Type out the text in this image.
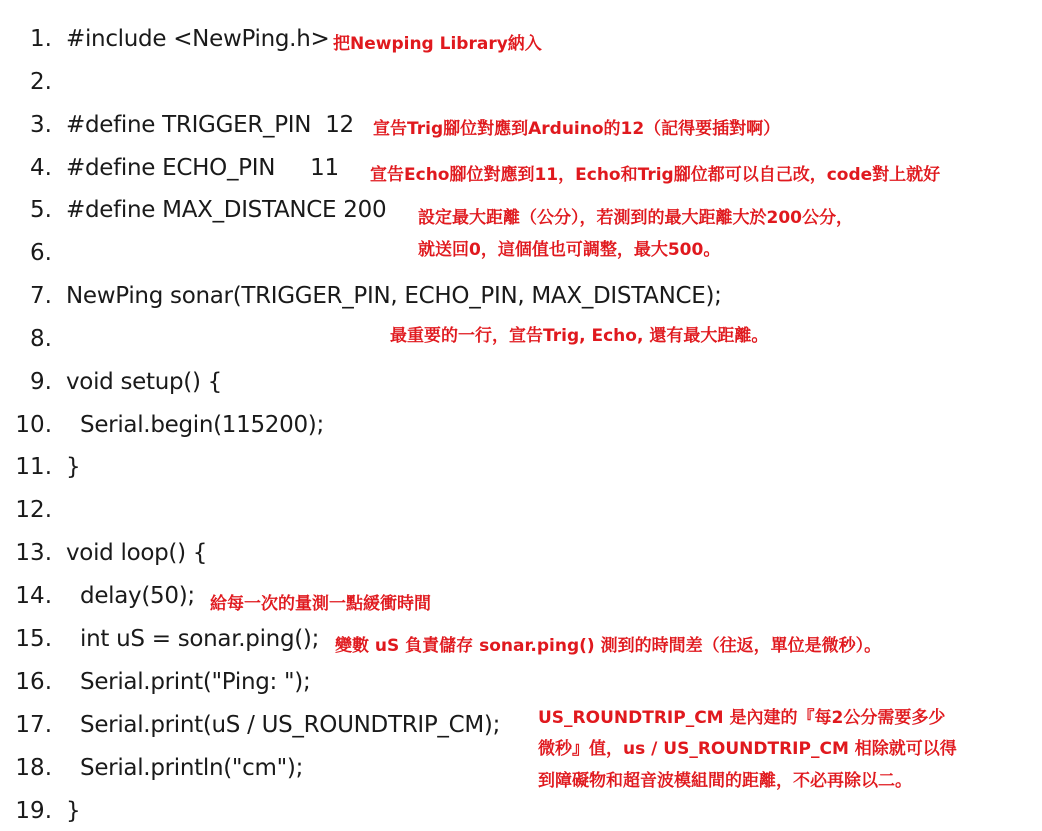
1. #include <NewPing.h>
2.
3. #define TRIGGER_PIN  12
4. #define ECHO_PIN     11
5. #define MAX_DISTANCE 200
6.
7. NewPing sonar(TRIGGER_PIN, ECHO_PIN, MAX_DISTANCE);
8.
9. void setup() {
10. Serial.begin(115200);
11. }
12.
13. void loop() {
14. delay(50);
15. int uS = sonar.ping();
16. Serial.print("Ping: ");
17. Serial.print(uS / US_ROUNDTRIP_CM);
18. Serial.println("cm");
19. }
把Newping Library納入
宣告Trig腳位對應到Arduino的12（記得要插對啊）
宣告Echo腳位對應到11，Echo和Trig腳位都可以自己改，code對上就好
設定最大距離（公分），若測到的最大距離大於200公分，
就送回0，這個值也可調整，最大500。
最重要的一行，宣告Trig, Echo, 還有最大距離。
給每一次的量測一點緩衝時間
變數 uS 負責儲存 sonar.ping() 測到的時間差（往返，單位是微秒）。
US_ROUNDTRIP_CM 是內建的『每2公分需要多少
微秒』值，us / US_ROUNDTRIP_CM 相除就可以得
到障礙物和超音波模組間的距離，不必再除以二。
